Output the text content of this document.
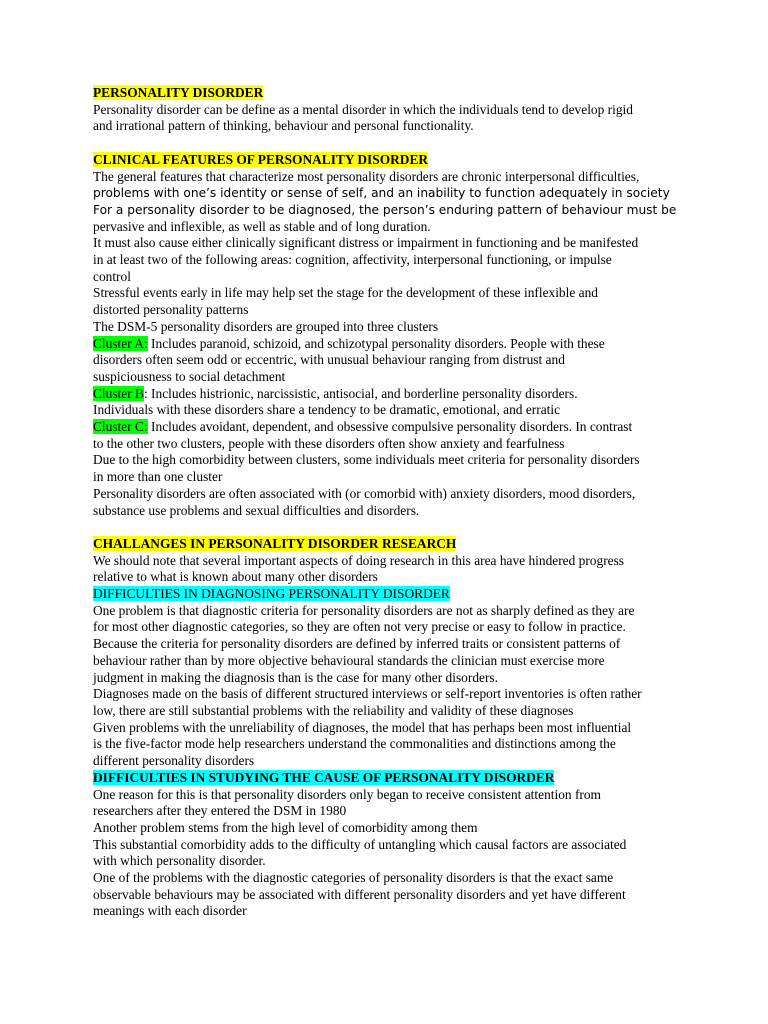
PERSONALITY DISORDER
Personality disorder can be define as a mental disorder in which the individuals tend to develop rigid
and irrational pattern of thinking, behaviour and personal functionality.
CLINICAL FEATURES OF PERSONALITY DISORDER
The general features that characterize most personality disorders are chronic interpersonal difficulties,
problems with one’s identity or sense of self, and an inability to function adequately in society
For a personality disorder to be diagnosed, the person’s enduring pattern of behaviour must be
pervasive and inflexible, as well as stable and of long duration.
It must also cause either clinically significant distress or impairment in functioning and be manifested
in at least two of the following areas: cognition, affectivity, interpersonal functioning, or impulse
control
Stressful events early in life may help set the stage for the development of these inflexible and
distorted personality patterns
The DSM-5 personality disorders are grouped into three clusters
Cluster A: Includes paranoid, schizoid, and schizotypal personality disorders. People with these
disorders often seem odd or eccentric, with unusual behaviour ranging from distrust and
suspiciousness to social detachment
Cluster B: Includes histrionic, narcissistic, antisocial, and borderline personality disorders.
Individuals with these disorders share a tendency to be dramatic, emotional, and erratic
Cluster C: Includes avoidant, dependent, and obsessive compulsive personality disorders. In contrast
to the other two clusters, people with these disorders often show anxiety and fearfulness
Due to the high comorbidity between clusters, some individuals meet criteria for personality disorders
in more than one cluster
Personality disorders are often associated with (or comorbid with) anxiety disorders, mood disorders,
substance use problems and sexual difficulties and disorders.
CHALLANGES IN PERSONALITY DISORDER RESEARCH
We should note that several important aspects of doing research in this area have hindered progress
relative to what is known about many other disorders
DIFFICULTIES IN DIAGNOSING PERSONALITY DISORDER
One problem is that diagnostic criteria for personality disorders are not as sharply defined as they are
for most other diagnostic categories, so they are often not very precise or easy to follow in practice.
Because the criteria for personality disorders are defined by inferred traits or consistent patterns of
behaviour rather than by more objective behavioural standards the clinician must exercise more
judgment in making the diagnosis than is the case for many other disorders.
Diagnoses made on the basis of different structured interviews or self-report inventories is often rather
low, there are still substantial problems with the reliability and validity of these diagnoses
Given problems with the unreliability of diagnoses, the model that has perhaps been most influential
is the five-factor mode help researchers understand the commonalities and distinctions among the
different personality disorders
DIFFICULTIES IN STUDYING THE CAUSE OF PERSONALITY DISORDER
One reason for this is that personality disorders only began to receive consistent attention from
researchers after they entered the DSM in 1980
Another problem stems from the high level of comorbidity among them
This substantial comorbidity adds to the difficulty of untangling which causal factors are associated
with which personality disorder.
One of the problems with the diagnostic categories of personality disorders is that the exact same
observable behaviours may be associated with different personality disorders and yet have different
meanings with each disorder
